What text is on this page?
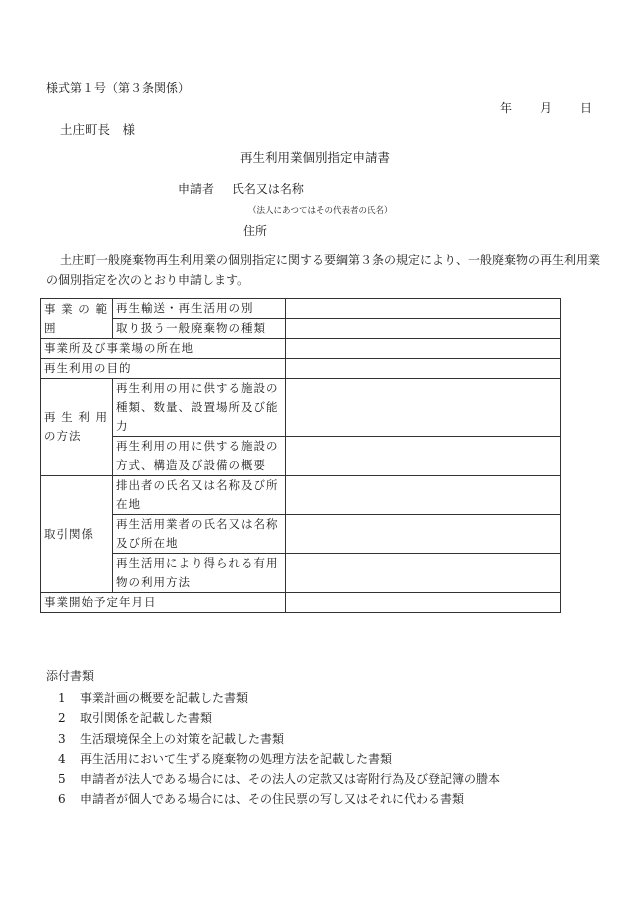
様式第１号（第３条関係）
年 月 日
土庄町長　様
再生利用業個別指定申請書
申請者 氏名又は名称
（法人にあつてはその代表者の氏名）
住所
土庄町一般廃棄物再生利用業の個別指定に関する要綱第３条の規定により、一般廃棄物の再生利用業の個別指定を次のとおり申請します。
事 業 の 範 囲	再生輸送・再生活用の別	
	取り扱う一般廃棄物の種類	
事業所及び事業場の所在地		
再生利用の目的		
再 生 利 用 の方法	再生利用の用に供する施設の種類、数量、設置場所及び能力	
	再生利用の用に供する施設の方式、構造及び設備の概要	
取引関係	排出者の氏名又は名称及び所在地	
	再生活用業者の氏名又は名称及び所在地	
	再生活用により得られる有用物の利用方法	
事業開始予定年月日		
添付書類
1 事業計画の概要を記載した書類
2 取引関係を記載した書類
3 生活環境保全上の対策を記載した書類
4 再生活用において生ずる廃棄物の処理方法を記載した書類
5 申請者が法人である場合には、その法人の定款又は寄附行為及び登記簿の謄本
6 申請者が個人である場合には、その住民票の写し又はそれに代わる書類
